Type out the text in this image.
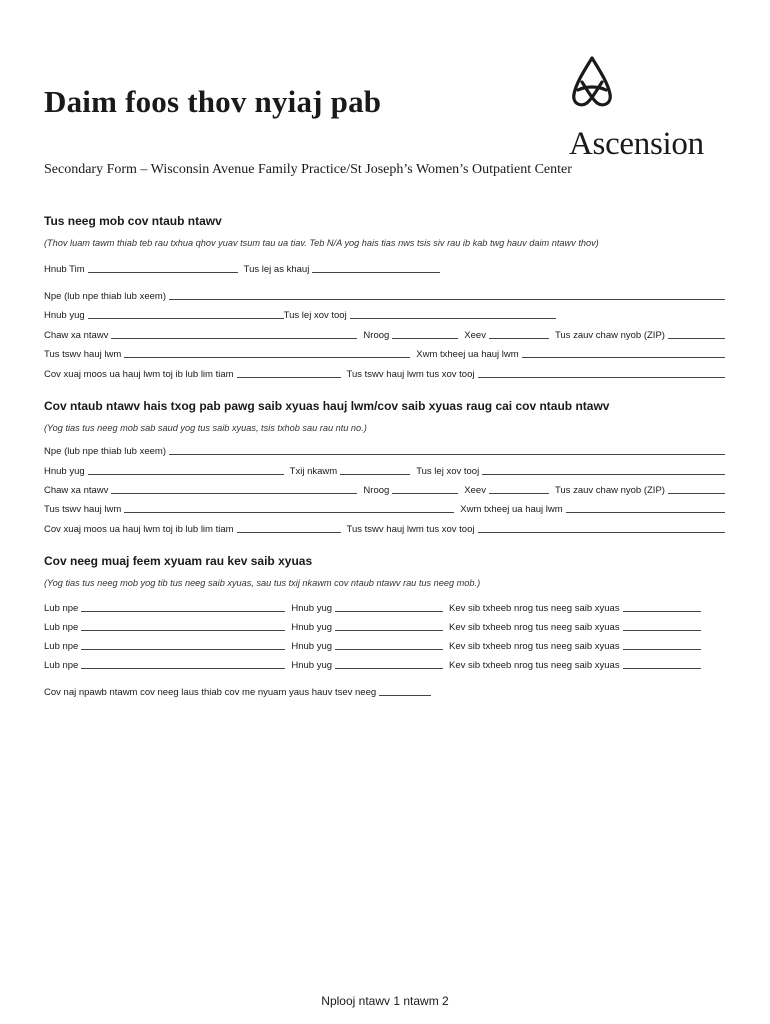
Daim foos thov nyiaj pab
Ascension
Secondary Form – Wisconsin Avenue Family Practice/St Joseph’s Women’s Outpatient Center
Tus neeg mob cov ntaub ntawv
(Thov luam tawm thiab teb rau txhua qhov yuav tsum tau ua tiav. Teb N/A yog hais tias nws tsis siv rau ib kab twg hauv daim ntawv thov)
Hnub Tim	Tus lej as khauj
Npe (lub npe thiab lub xeem)
Hnub yug	Tus lej xov tooj
Chaw xa ntawv	Nroog	Xeev	Tus zauv chaw nyob (ZIP)
Tus tswv hauj lwm	Xwm txheej ua hauj lwm
Cov xuaj moos ua hauj lwm toj ib lub lim tiam	Tus tswv hauj lwm tus xov tooj
Cov ntaub ntawv hais txog pab pawg saib xyuas hauj lwm/cov saib xyuas raug cai cov ntaub ntawv
(Yog tias tus neeg mob sab saud yog tus saib xyuas, tsis txhob sau rau ntu no.)
Npe (lub npe thiab lub xeem)
Hnub yug	Txij nkawm	Tus lej xov tooj
Chaw xa ntawv	Nroog	Xeev	Tus zauv chaw nyob (ZIP)
Tus tswv hauj lwm	Xwm txheej ua hauj lwm
Cov xuaj moos ua hauj lwm toj ib lub lim tiam	Tus tswv hauj lwm tus xov tooj
Cov neeg muaj feem xyuam rau kev saib xyuas
(Yog tias tus neeg mob yog tib tus neeg saib xyuas, sau tus txij nkawm cov ntaub ntawv rau tus neeg mob.)
Lub npe	Hnub yug	Kev sib txheeb nrog tus neeg saib xyuas
Lub npe	Hnub yug	Kev sib txheeb nrog tus neeg saib xyuas
Lub npe	Hnub yug	Kev sib txheeb nrog tus neeg saib xyuas
Lub npe	Hnub yug	Kev sib txheeb nrog tus neeg saib xyuas
Cov naj npawb ntawm cov neeg laus thiab cov me nyuam yaus hauv tsev neeg
Nplooj ntawv 1 ntawm 2
